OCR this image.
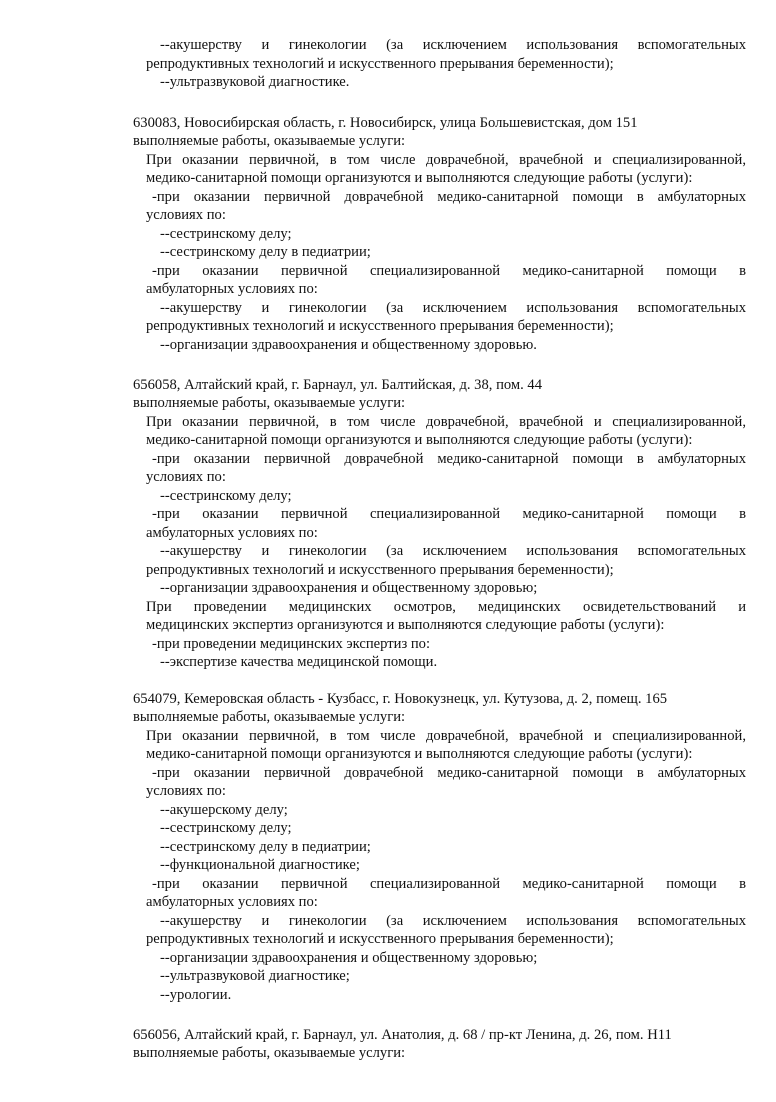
--акушерству и гинекологии (за исключением использования вспомогательных
репродуктивных технологий и искусственного прерывания беременности);
--ультразвуковой диагностике.
630083, Новосибирская область, г. Новосибирск, улица Большевистская, дом 151
выполняемые работы, оказываемые услуги:
При оказании первичной, в том числе доврачебной, врачебной и специализированной,
медико-санитарной помощи организуются и выполняются следующие работы (услуги):
-при оказании первичной доврачебной медико-санитарной помощи в амбулаторных
условиях по:
--сестринскому делу;
--сестринскому делу в педиатрии;
-при оказании первичной специализированной медико-санитарной помощи в
амбулаторных условиях по:
--акушерству и гинекологии (за исключением использования вспомогательных
репродуктивных технологий и искусственного прерывания беременности);
--организации здравоохранения и общественному здоровью.
656058, Алтайский край, г. Барнаул, ул. Балтийская, д. 38, пом. 44
выполняемые работы, оказываемые услуги:
При оказании первичной, в том числе доврачебной, врачебной и специализированной,
медико-санитарной помощи организуются и выполняются следующие работы (услуги):
-при оказании первичной доврачебной медико-санитарной помощи в амбулаторных
условиях по:
--сестринскому делу;
-при оказании первичной специализированной медико-санитарной помощи в
амбулаторных условиях по:
--акушерству и гинекологии (за исключением использования вспомогательных
репродуктивных технологий и искусственного прерывания беременности);
--организации здравоохранения и общественному здоровью;
При проведении медицинских осмотров, медицинских освидетельствований и
медицинских экспертиз организуются и выполняются следующие работы (услуги):
-при проведении медицинских экспертиз по:
--экспертизе качества медицинской помощи.
654079, Кемеровская область - Кузбасс, г. Новокузнецк, ул. Кутузова, д. 2, помещ. 165
выполняемые работы, оказываемые услуги:
При оказании первичной, в том числе доврачебной, врачебной и специализированной,
медико-санитарной помощи организуются и выполняются следующие работы (услуги):
-при оказании первичной доврачебной медико-санитарной помощи в амбулаторных
условиях по:
--акушерскому делу;
--сестринскому делу;
--сестринскому делу в педиатрии;
--функциональной диагностике;
-при оказании первичной специализированной медико-санитарной помощи в
амбулаторных условиях по:
--акушерству и гинекологии (за исключением использования вспомогательных
репродуктивных технологий и искусственного прерывания беременности);
--организации здравоохранения и общественному здоровью;
--ультразвуковой диагностике;
--урологии.
656056, Алтайский край, г. Барнаул, ул. Анатолия, д. 68 / пр-кт Ленина, д. 26, пом. Н11
выполняемые работы, оказываемые услуги:
